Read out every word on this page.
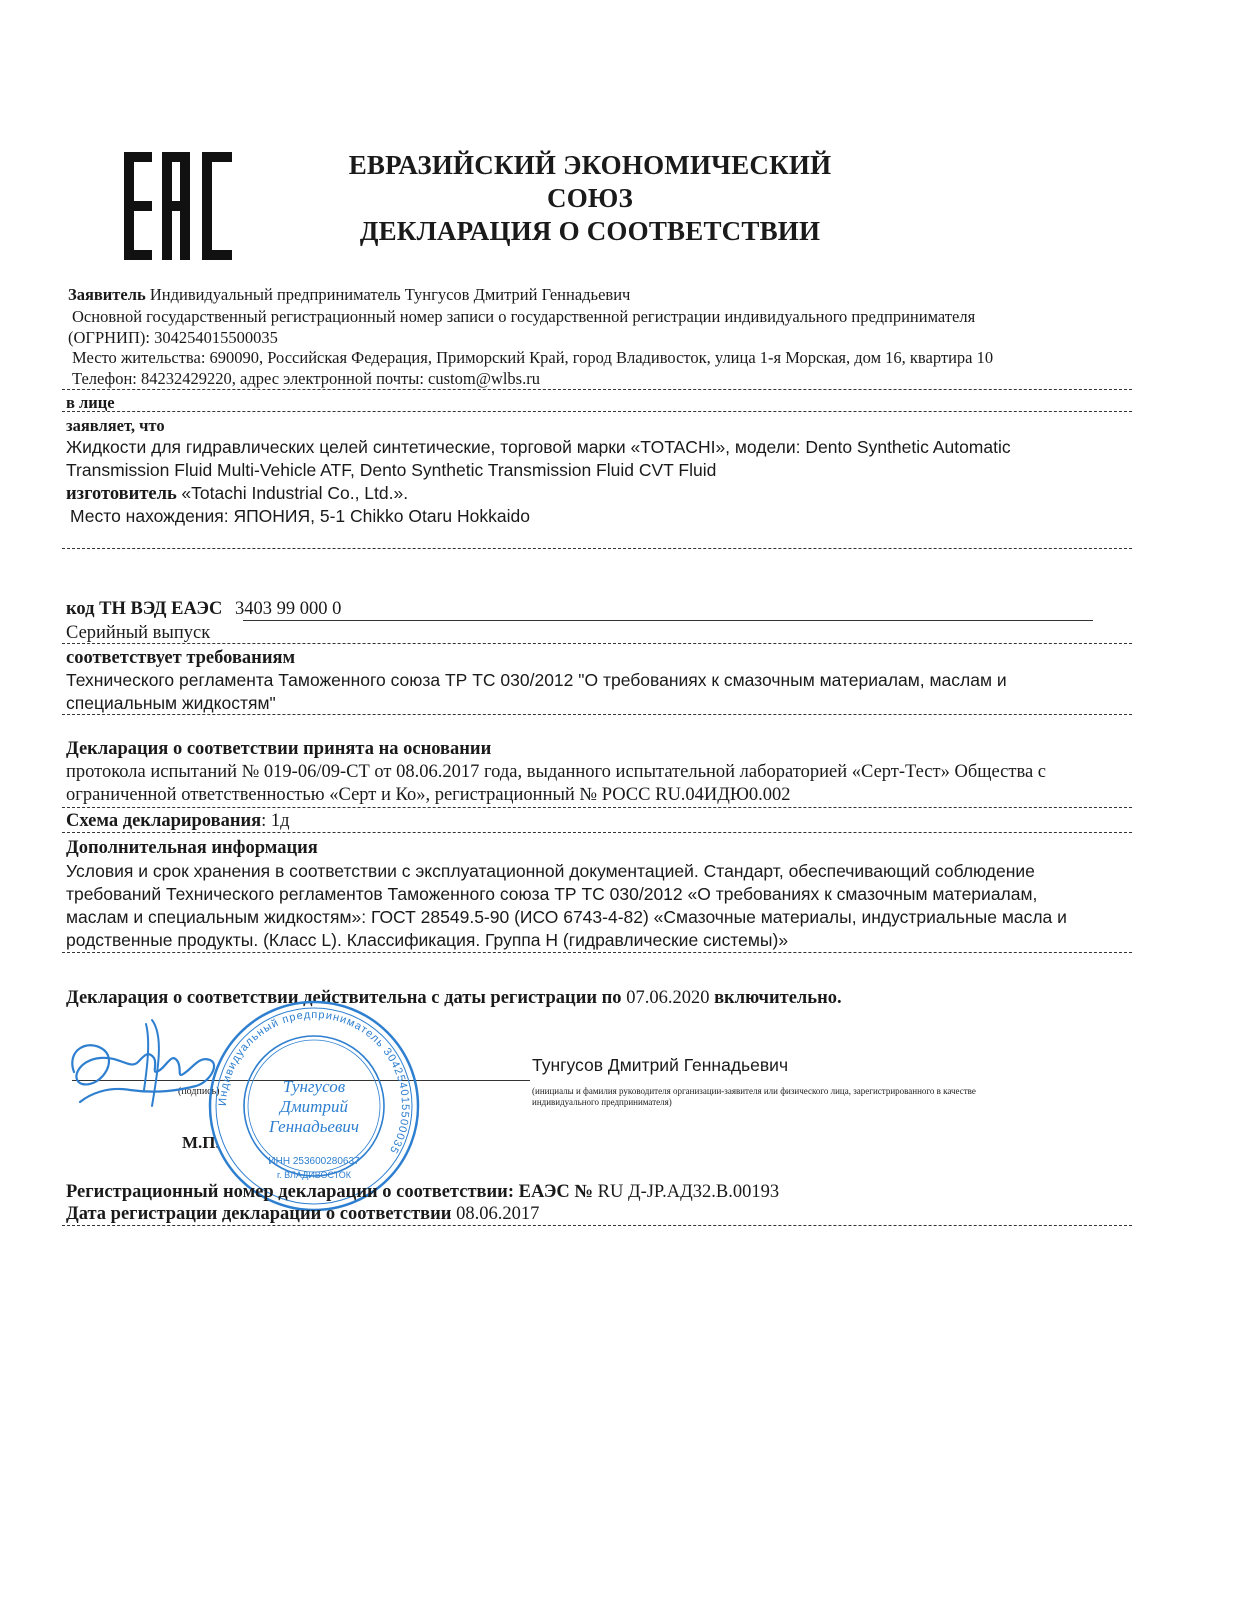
ЕВРАЗИЙСКИЙ ЭКОНОМИЧЕСКИЙ
СОЮЗ
ДЕКЛАРАЦИЯ О СООТВЕТСТВИИ
Заявитель Индивидуальный предприниматель Тунгусов Дмитрий Геннадьевич
Основной государственный регистрационный номер записи о государственной регистрации индивидуального предпринимателя
(ОГРНИП): 304254015500035
Место жительства: 690090, Российская Федерация, Приморский Край, город Владивосток, улица 1-я Морская, дом 16, квартира 10
Телефон: 84232429220, адрес электронной почты: custom@wlbs.ru
в лице
заявляет, что
Жидкости для гидравлических целей синтетические, торговой марки «TOTACHI», модели: Dento Synthetic Automatic
Transmission Fluid Multi-Vehicle ATF, Dento Synthetic Transmission Fluid CVT Fluid
изготовитель «Totachi Industrial Co., Ltd.».
Место нахождения: ЯПОНИЯ, 5-1 Chikko Otaru Hokkaido
код ТН ВЭД ЕАЭС 3403 99 000 0
Серийный выпуск
соответствует требованиям
Технического регламента Таможенного союза ТР ТС 030/2012 "О требованиях к смазочным материалам, маслам и
специальным жидкостям"
Декларация о соответствии принята на основании
протокола испытаний № 019-06/09-СТ от 08.06.2017 года, выданного испытательной лабораторией «Серт-Тест» Общества с
ограниченной ответственностью «Серт и Ко», регистрационный № РОСС RU.04ИДЮ0.002
Схема декларирования: 1д
Дополнительная информация
Условия и срок хранения в соответствии с эксплуатационной документацией. Стандарт, обеспечивающий соблюдение
требований Технического регламентов Таможенного союза ТР ТС 030/2012 «О требованиях к смазочным материалам,
маслам и специальным жидкостям»: ГОСТ 28549.5-90 (ИСО 6743-4-82) «Смазочные материалы, индустриальные масла и
родственные продукты. (Класс L). Классификация. Группа Н (гидравлические системы)»
Декларация о соответствии действительна с даты регистрации по 07.06.2020 включительно.
Тунгусов Дмитрий Геннадьевич
(инициалы и фамилия руководителя организации-заявителя или физического лица, зарегистрированного в качестве
индивидуального предпринимателя)
(подпись)
М.П.
Индивидуальный предприниматель 304254015500035
Тунгусов
Дмитрий
Геннадьевич
ИНН 253600280637
г. ВЛАДИВОСТОК
Регистрационный номер декларации о соответствии: ЕАЭС № RU Д-JP.АД32.В.00193
Дата регистрации декларации о соответствии 08.06.2017
